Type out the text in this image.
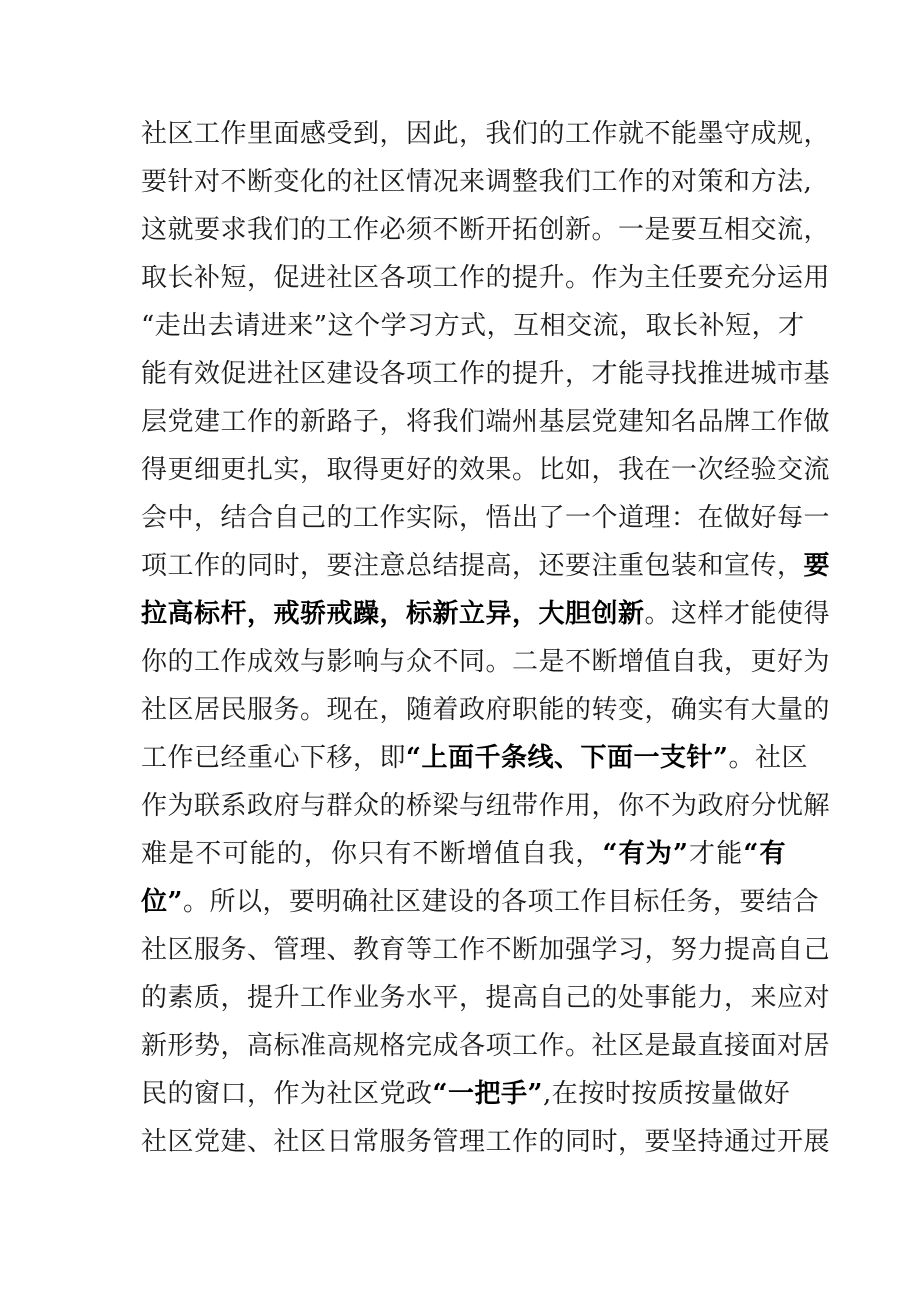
社区工作里面感受到，因此，我们的工作就不能墨守成规，
要针对不断变化的社区情况来调整我们工作的对策和方法,
这就要求我们的工作必须不断开拓创新。一是要互相交流，
取长补短，促进社区各项工作的提升。作为主任要充分运用
“走出去请进来”这个学习方式，互相交流，取长补短，才
能有效促进社区建设各项工作的提升，才能寻找推进城市基
层党建工作的新路子，将我们端州基层党建知名品牌工作做
得更细更扎实，取得更好的效果。比如，我在一次经验交流
会中，结合自己的工作实际，悟出了一个道理：在做好每一
项工作的同时，要注意总结提高，还要注重包装和宣传，要
拉高标杆，戒骄戒躁，标新立异，大胆创新。这样才能使得
你的工作成效与影响与众不同。二是不断增值自我，更好为
社区居民服务。现在，随着政府职能的转变，确实有大量的
工作已经重心下移，即“上面千条线、下面一支针”。社区
作为联系政府与群众的桥梁与纽带作用，你不为政府分忧解
难是不可能的，你只有不断增值自我，“有为”才能“有
位”。所以，要明确社区建设的各项工作目标任务，要结合
社区服务、管理、教育等工作不断加强学习，努力提高自己
的素质，提升工作业务水平，提高自己的处事能力，来应对
新形势，高标准高规格完成各项工作。社区是最直接面对居
民的窗口，作为社区党政“一把手”,在按时按质按量做好
社区党建、社区日常服务管理工作的同时，要坚持通过开展
